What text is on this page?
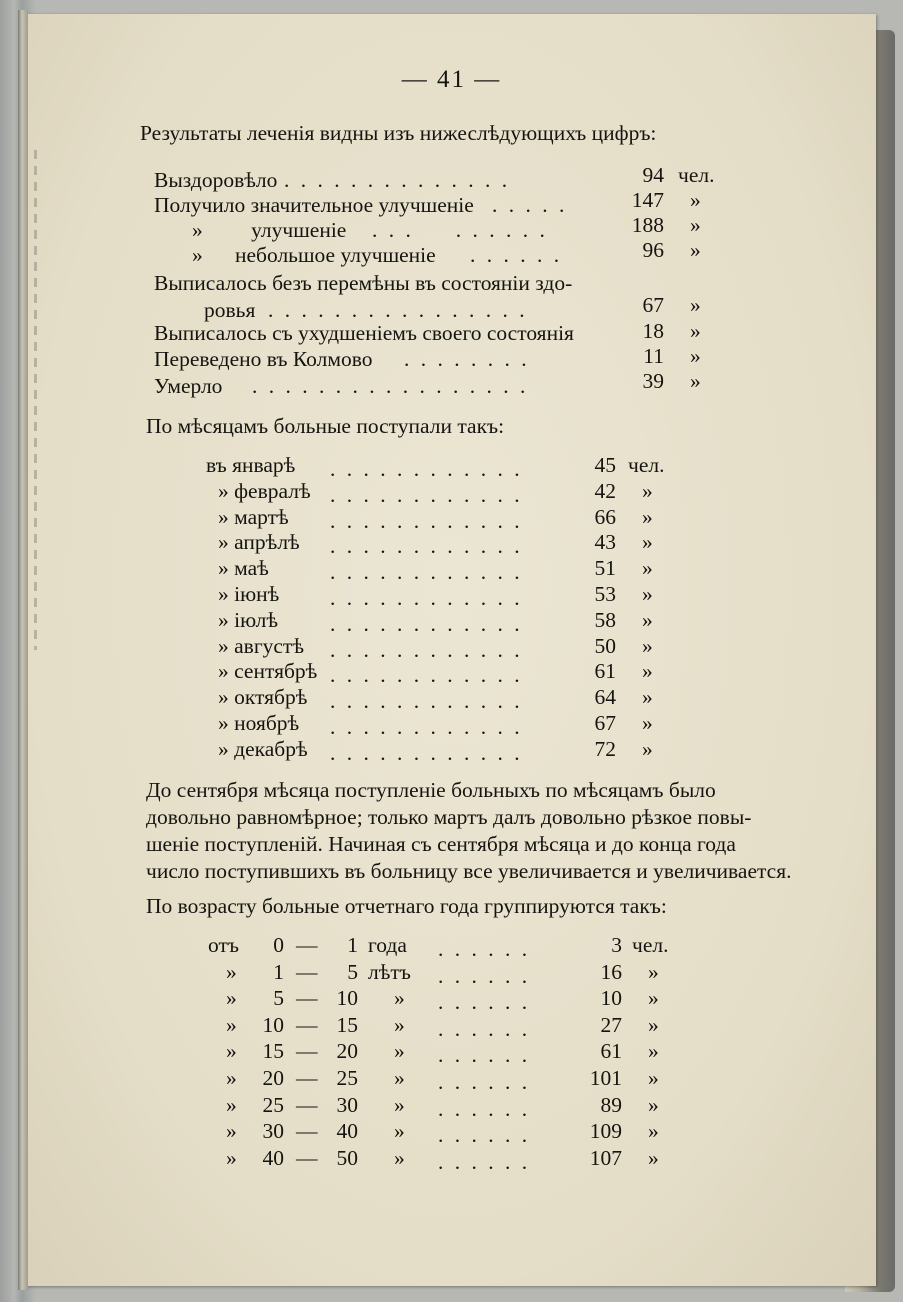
— 41 —
Результаты леченія видны изъ нижеслѣдующихъ цифръ:
Выздоровѣло . . . . . . . . . . . . . .	94 чел.
Получило значительное улучшеніе . . . . .	147 »
»         улучшеніе . . .     . . . . . .	188 »
»      небольшое улучшеніе . . . . . .	96 »
Выписалось безъ перемѣны въ состояніи здо-
ровья . . . . . . . . . . . . . . . .	67 »
Выписалось съ ухудшеніемъ своего состоянія	18 »
Переведено въ Колмово . . . . . . . .	11 »
Умерло . . . . . . . . . . . . . . . . .	39 »
По мѣсяцамъ больные поступали такъ:
въ январѣ . . . . . . . . . . . .	45 чел.
» февралѣ . . . . . . . . . . . .	42 »
» мартѣ . . . . . . . . . . . .	66 »
» апрѣлѣ . . . . . . . . . . . .	43 »
» маѣ	. . . . . . . . . . . .	51 »
» іюнѣ . . . . . . . . . . . .	53 »
» іюлѣ . . . . . . . . . . . .	58 »
» августѣ . . . . . . . . . . . .	50 »
» сентябрѣ . . . . . . . . . . . .	61 »
» октябрѣ . . . . . . . . . . . .	64 »
» ноябрѣ . . . . . . . . . . . .	67 »
» декабрѣ . . . . . . . . . . . .	72 »
До сентября мѣсяца поступленіе больныхъ по мѣсяцамъ было
довольно равномѣрное; только мартъ далъ довольно рѣзкое повы-
шеніе поступленій. Начиная съ сентября мѣсяца и до конца года
число поступившихъ въ больницу все увеличивается и увеличивается.
По возрасту больные отчетнаго года группируются такъ:
отъ	0 —	1 года . . . . . .	3 чел.
»	1 —	5 лѣтъ . . . . . .	16 »
»	5 — 10 » . . . . . .	10 »
»	10 — 15 » . . . . . .	27 »
»	15 — 20 » . . . . . .	61 »
»	20 — 25 » . . . . . .	101 »
»	25 — 30 » . . . . . .	89 »
»	30 — 40 » . . . . . .	109 »
»	40 — 50 » . . . . . .	107 »
